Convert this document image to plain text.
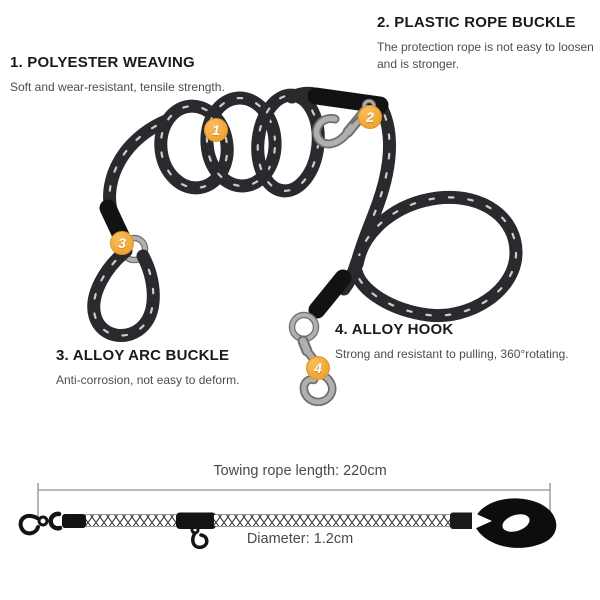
1. POLYESTER WEAVING
Soft and wear-resistant, tensile strength.
2. PLASTIC ROPE BUCKLE
The protection rope is not easy to loosen and is stronger.
3. ALLOY ARC BUCKLE
Anti-corrosion, not easy to deform.
4. ALLOY HOOK
Strong and resistant to pulling, 360°rotating.
1
2
3
4
Towing rope length: 220cm
Diameter: 1.2cm
